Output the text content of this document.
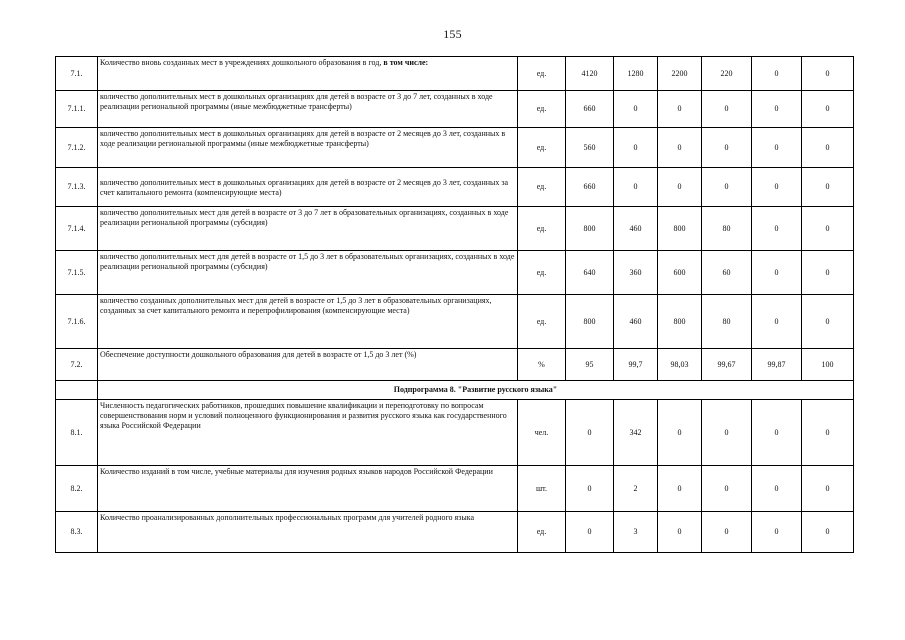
155
7.1.	Количество вновь созданных мест в учреждениях дошкольного образования в год, в том числе:	ед.	4120	1280	2200	220	0	0
7.1.1.	количество дополнительных мест в дошкольных организациях для детей в возрасте от 3 до 7 лет, созданных в ходе реализации региональной программы (иные межбюджетные трансферты)	ед.	660	0	0	0	0	0
7.1.2.	количество дополнительных мест в дошкольных организациях для детей в возрасте от 2 месяцев до 3 лет, созданных в ходе реализации региональной программы (иные межбюджетные трансферты)	ед.	560	0	0	0	0	0
7.1.3.	количество дополнительных мест в дошкольных организациях для детей в возрасте от 2 месяцев до 3 лет, созданных за счет капитального ремонта (компенсирующие места)	ед.	660	0	0	0	0	0
7.1.4.	количество дополнительных мест для детей в возрасте от 3 до 7 лет в образовательных организациях, созданных в ходе реализации региональной программы (субсидия)	ед.	800	460	800	80	0	0
7.1.5.	количество дополнительных мест для детей в возрасте от 1,5 до 3 лет в образовательных организациях, созданных в ходе реализации региональной программы (субсидия)	ед.	640	360	600	60	0	0
7.1.6.	количество созданных дополнительных мест для детей в возрасте от 1,5 до 3 лет в образовательных организациях, созданных за счет капитального ремонта и перепрофилирования (компенсирующие места)	ед.	800	460	800	80	0	0
7.2.	Обеспечение доступности дошкольного образования для детей в возрасте от 1,5 до 3 лет (%)	%	95	99,7	98,03	99,67	99,87	100
	Подпрограмма 8. "Развитие русского языка"							
8.1.	Численность педагогических работников, прошедших повышение квалификации и переподготовку по вопросам совершенствования норм и условий полноценного функционирования и развития русского языка как государственного языка Российской Федерации	чел.	0	342	0	0	0	0
8.2.	Количество изданий в том числе, учебные материалы для изучения родных языков народов Российской Федерации	шт.	0	2	0	0	0	0
8.3.	Количество проанализированных дополнительных профессиональных программ для учителей родного языка	ед.	0	3	0	0	0	0
